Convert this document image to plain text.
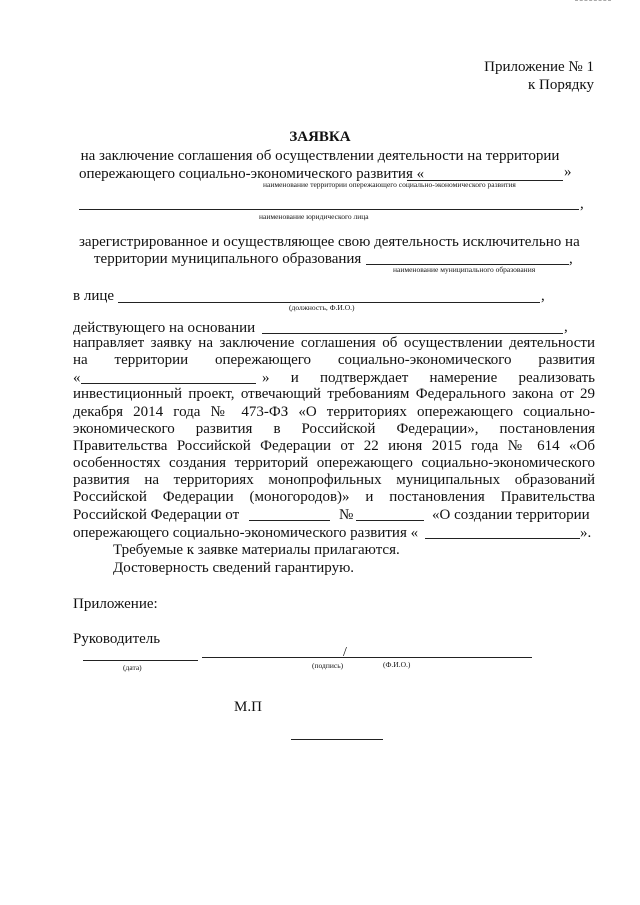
Приложение № 1
к Порядку
ЗАЯВКА
на заключение соглашения об осуществлении деятельности на территории
опережающего социально-экономического развития «	»
наименование территории опережающего социально-экономического развития
,
наименование юридического лица
зарегистрированное и осуществляющее свою деятельность исключительно на
территории муниципального образования	,
наименование муниципального образования
в лице	,
(должность, Ф.И.О.)
действующего на основании	,
направляет заявку на заключение соглашения об осуществлении деятельности
на территории опережающего социально-экономического развития
«	» и подтверждает намерение реализовать
инвестиционный проект, отвечающий требованиям Федерального закона от 29
декабря 2014 года № 473-ФЗ «О территориях опережающего социально-
экономического развития в Российской Федерации», постановления
Правительства Российской Федерации от 22 июня 2015 года № 614 «Об
особенностях создания территорий опережающего социально-экономического
развития на территориях монопрофильных муниципальных образований
Российской Федерации (моногородов)» и постановления Правительства
Российской Федерации от	№	«О создании территории
опережающего социально-экономического развития «	».
Требуемые к заявке материалы прилагаются.
Достоверность сведений гарантирую.
Приложение:
Руководитель
/
(дата)	(подпись)	(Ф.И.О.)
М.П
